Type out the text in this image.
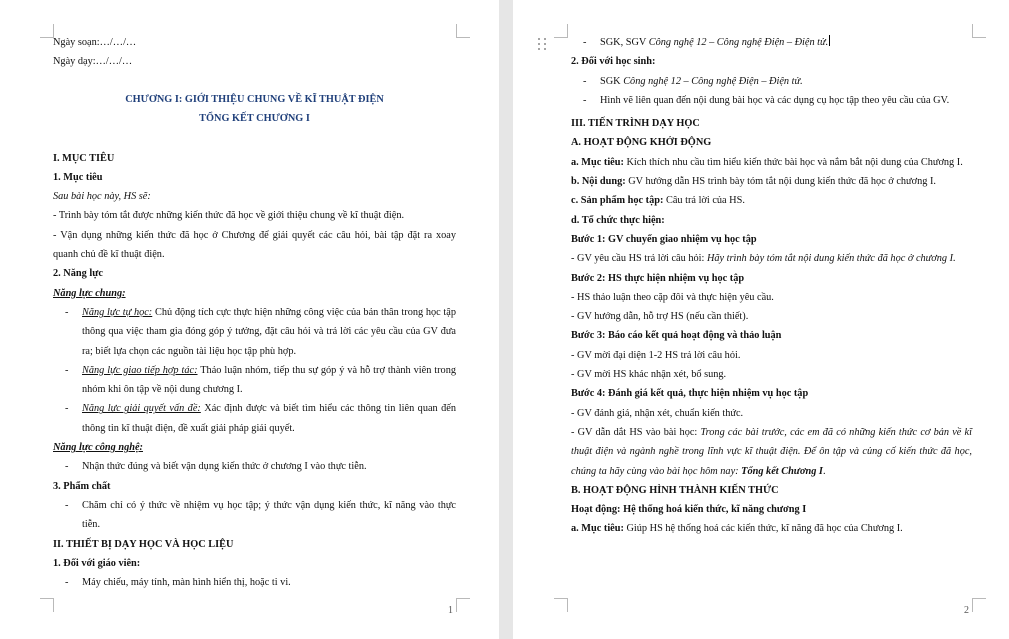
Ngày soạn:…/…/…

Ngày dạy:…/…/…

CHƯƠNG I: GIỚI THIỆU CHUNG VỀ KĨ THUẬT ĐIỆN

TỔNG KẾT CHƯƠNG I

I. MỤC TIÊU

1. Mục tiêu

Sau bài học này, HS sẽ:

- Trình bày tóm tắt được những kiến thức đã học về giới thiệu chung về kĩ thuật điện.

- Vận dụng những kiến thức đã học ở Chương để giải quyết các câu hỏi, bài tập đặt ra xoay quanh chủ đề kĩ thuật điện.

2. Năng lực

Năng lực chung:

- Năng lực tự học: Chủ động tích cực thực hiện những công việc của bản thân trong học tập thông qua việc tham gia đóng góp ý tưởng, đặt câu hỏi và trả lời các yêu cầu của GV đưa ra; biết lựa chọn các nguồn tài liệu học tập phù hợp.
- Năng lực giao tiếp hợp tác: Thảo luận nhóm, tiếp thu sự góp ý và hỗ trợ thành viên trong nhóm khi ôn tập về nội dung chương I.
- Năng lực giải quyết vấn đề: Xác định được và biết tìm hiểu các thông tin liên quan đến thông tin kĩ thuật điện, đề xuất giải pháp giải quyết.

Năng lực công nghệ:

- Nhận thức đúng và biết vận dụng kiến thức ở chương I vào thực tiễn.

3. Phẩm chất

- Chăm chỉ có ý thức về nhiệm vụ học tập; ý thức vận dụng kiến thức, kĩ năng vào thực tiễn.

II. THIẾT BỊ DẠY HỌC VÀ HỌC LIỆU

1. Đối với giáo viên:

- Máy chiếu, máy tính, màn hình hiển thị, hoặc ti vi.
1
- SGK, SGV Công nghệ 12 – Công nghệ Điện – Điện tử.

2. Đối với học sinh:

- SGK Công nghệ 12 – Công nghệ Điện – Điện tử.
- Hình vẽ liên quan đến nội dung bài học và các dụng cụ học tập theo yêu cầu của GV.

III. TIẾN TRÌNH DẠY HỌC

A. HOẠT ĐỘNG KHỞI ĐỘNG

a. Mục tiêu: Kích thích nhu cầu tìm hiểu kiến thức bài học và nắm bắt nội dung của Chương I.

b. Nội dung: GV hướng dẫn HS trình bày tóm tắt nội dung kiến thức đã học ở chương I.

c. Sản phẩm học tập: Câu trả lời của HS.

d. Tổ chức thực hiện:

Bước 1: GV chuyển giao nhiệm vụ học tập

- GV yêu cầu HS trả lời câu hỏi: Hãy trình bày tóm tắt nội dung kiến thức đã học ở chương I.

Bước 2: HS thực hiện nhiệm vụ học tập

- HS thảo luận theo cặp đôi và thực hiện yêu cầu.

- GV hướng dẫn, hỗ trợ HS (nếu cần thiết).

Bước 3: Báo cáo kết quả hoạt động và thảo luận

- GV mời đại diện 1-2 HS trả lời câu hỏi.

- GV mời HS khác nhận xét, bổ sung.

Bước 4: Đánh giá kết quả, thực hiện nhiệm vụ học tập

- GV đánh giá, nhận xét, chuẩn kiến thức.

- GV dẫn dắt HS vào bài học: Trong các bài trước, các em đã có những kiến thức cơ bản về kĩ thuật điện và ngành nghề trong lĩnh vực kĩ thuật điện. Để ôn tập và củng cố kiến thức đã học, chúng ta hãy cùng vào bài học hôm nay: Tổng kết Chương I.

B. HOẠT ĐỘNG HÌNH THÀNH KIẾN THỨC

Hoạt động: Hệ thống hoá kiến thức, kĩ năng chương I

a. Mục tiêu: Giúp HS hệ thống hoá các kiến thức, kĩ năng đã học của Chương I.

2
